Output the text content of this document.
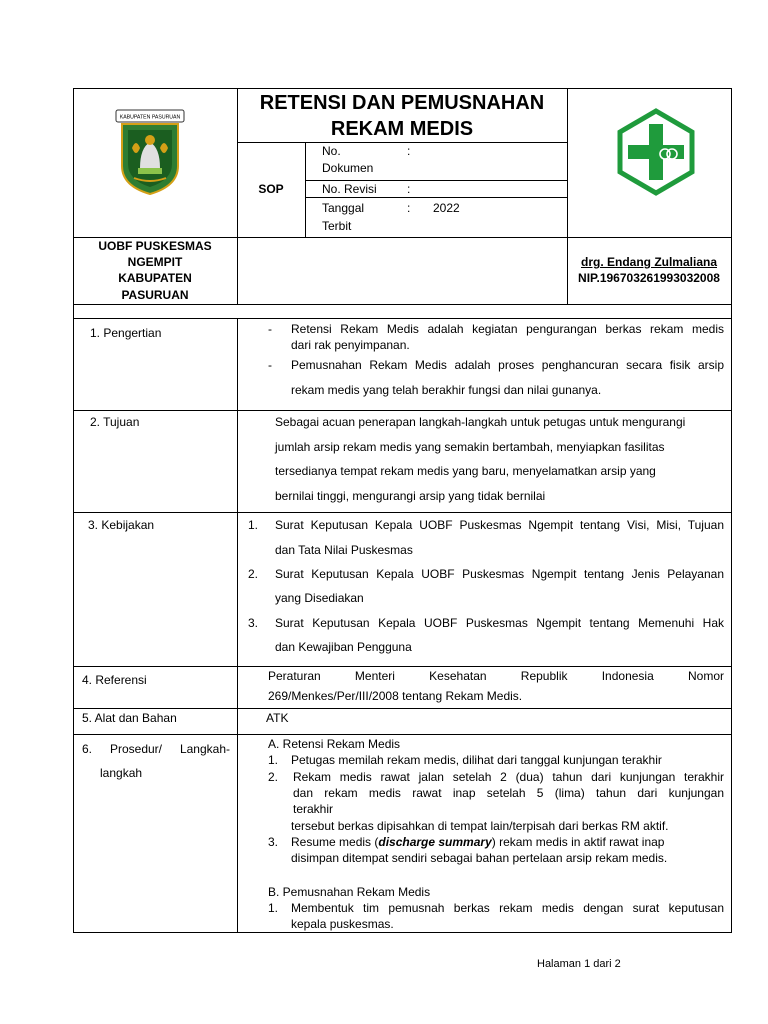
KABUPATEN PASURUAN
RETENSI DAN PEMUSNAHAN
REKAM MEDIS
SOP
No.	:
Dokumen
No. Revisi	:
Tanggal	: 2022
Terbit
UOBF PUSKESMAS
NGEMPIT
KABUPATEN
PASURUAN
drg. Endang Zulmaliana
NIP.196703261993032008
1. Pengertian	- Retensi Rekam Medis adalah kegiatan pengurangan berkas rekam medis
dari rak penyimpanan.
- Pemusnahan Rekam Medis adalah proses penghancuran secara fisik arsip
rekam medis yang telah berakhir fungsi dan nilai gunanya.
2. Tujuan	Sebagai acuan penerapan langkah-langkah untuk petugas untuk mengurangi
jumlah arsip rekam medis yang semakin bertambah, menyiapkan fasilitas
tersedianya tempat rekam medis yang baru, menyelamatkan arsip yang
bernilai tinggi, mengurangi arsip yang tidak bernilai
3. Kebijakan	1. Surat Keputusan Kepala UOBF Puskesmas Ngempit tentang Visi, Misi, Tujuan
dan Tata Nilai Puskesmas
2. Surat Keputusan Kepala UOBF Puskesmas Ngempit tentang Jenis Pelayanan
yang Disediakan
3. Surat Keputusan Kepala UOBF Puskesmas Ngempit tentang Memenuhi Hak
dan Kewajiban Pengguna
4. Referensi	Peraturan Menteri Kesehatan Republik Indonesia Nomor
269/Menkes/Per/III/2008 tentang Rekam Medis.
5. Alat dan Bahan	ATK
6. Prosedur/ Langkah-
langkah
A. Retensi Rekam Medis
1. Petugas memilah rekam medis, dilihat dari tanggal kunjungan terakhir
2. Rekam medis rawat jalan setelah 2 (dua) tahun dari kunjungan terakhir
dan rekam medis rawat inap setelah 5 (lima) tahun dari kunjungan
terakhir
tersebut berkas dipisahkan di tempat lain/terpisah dari berkas RM aktif.
3. Resume medis (discharge summary) rekam medis in aktif rawat inap
disimpan ditempat sendiri sebagai bahan pertelaan arsip rekam medis.
B. Pemusnahan Rekam Medis
1. Membentuk tim pemusnah berkas rekam medis dengan surat keputusan
kepala puskesmas.
Halaman 1 dari 2
